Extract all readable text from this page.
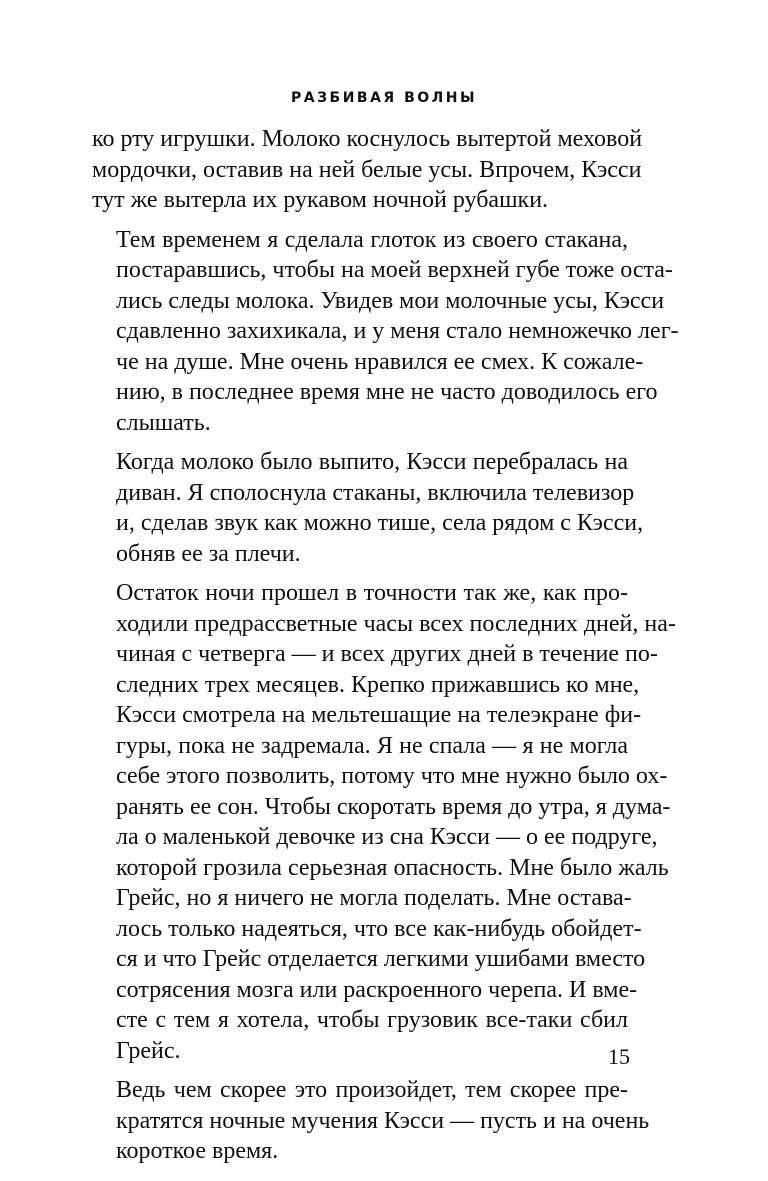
РАЗБИВАЯ ВОЛНЫ

ко рту игрушки. Молоко коснулось вытертой меховой
мордочки, оставив на ней белые усы. Впрочем, Кэсси
тут же вытерла их рукавом ночной рубашки.

Тем временем я сделала глоток из своего стакана,
постаравшись, чтобы на моей верхней губе тоже оста-
лись следы молока. Увидев мои молочные усы, Кэсси
сдавленно захихикала, и у меня стало немножечко лег-
че на душе. Мне очень нравился ее смех. К сожале-
нию, в последнее время мне не часто доводилось его
слышать.

Когда молоко было выпито, Кэсси перебралась на
диван. Я сполоснула стаканы, включила телевизор
и, сделав звук как можно тише, села рядом с Кэсси,
обняв ее за плечи.

Остаток ночи прошел в точности так же, как про-
ходили предрассветные часы всех последних дней, на-
чиная с четверга — и всех других дней в течение по-
следних трех месяцев. Крепко прижавшись ко мне,
Кэсси смотрела на мельтешащие на телеэкране фи-
гуры, пока не задремала. Я не спала — я не могла
себе этого позволить, потому что мне нужно было ох-
ранять ее сон. Чтобы скоротать время до утра, я дума-
ла о маленькой девочке из сна Кэсси — о ее подруге,
которой грозила серьезная опасность. Мне было жаль
Грейс, но я ничего не могла поделать. Мне остава-
лось только надеяться, что все как-нибудь обойдет-
ся и что Грейс отделается легкими ушибами вместо
сотрясения мозга или раскроенного черепа. И вме-
сте с тем я хотела, чтобы грузовик все-таки сбил
Грейс.

Ведь чем скорее это произойдет, тем скорее пре-
кратятся ночные мучения Кэсси — пусть и на очень
короткое время.

15
